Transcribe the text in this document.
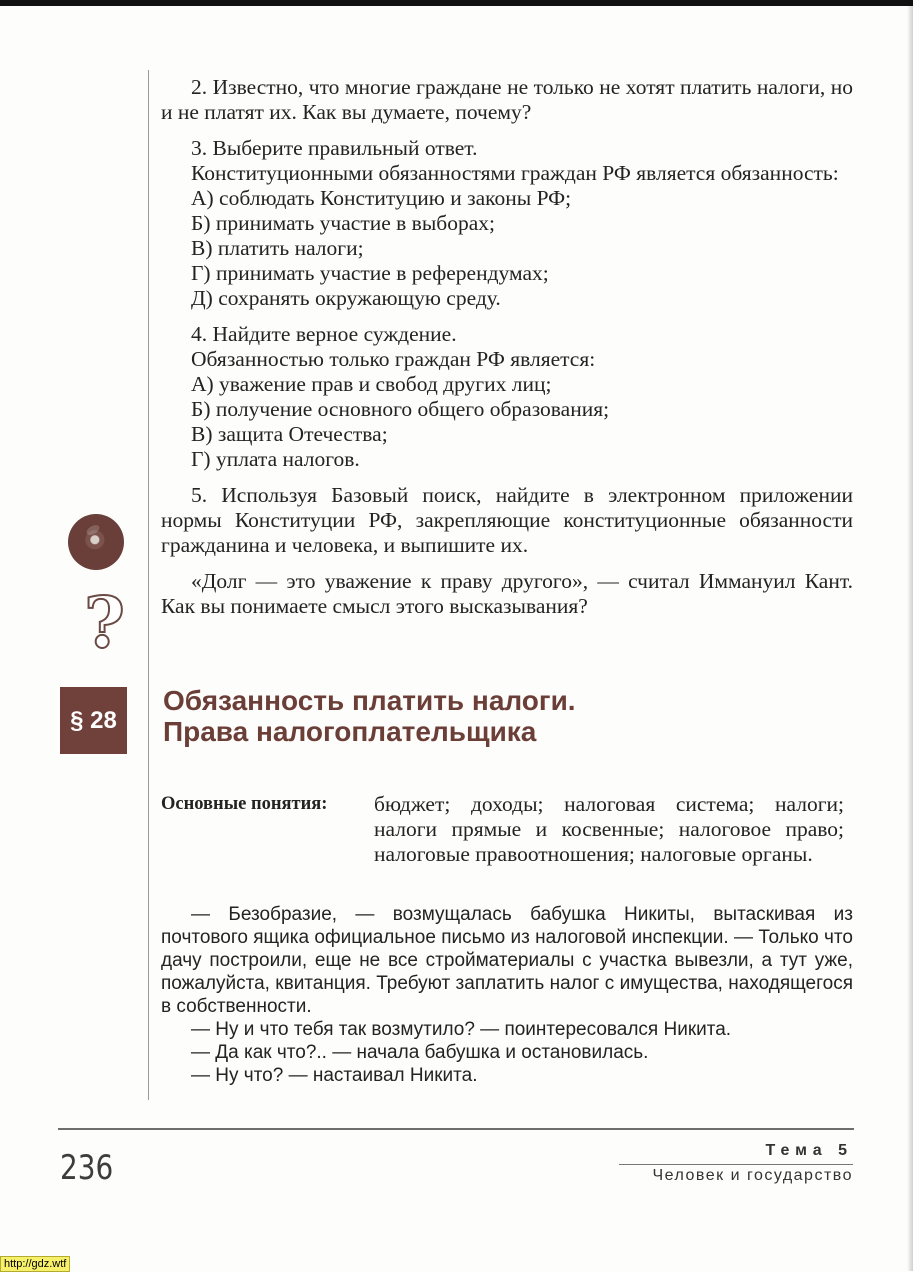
2. Известно, что многие граждане не только не хотят платить налоги, но и не платят их. Как вы думаете, почему?

3. Выберите правильный ответ.

Конституционными обязанностями граждан РФ является обязанность:

А) соблюдать Конституцию и законы РФ;

Б) принимать участие в выборах;

В) платить налоги;

Г) принимать участие в референдумах;

Д) сохранять окружающую среду.

4. Найдите верное суждение.

Обязанностью только граждан РФ является:

А) уважение прав и свобод других лиц;

Б) получение основного общего образования;

В) защита Отечества;

Г) уплата налогов.

5. Используя Базовый поиск, найдите в электронном приложении нормы Конституции РФ, закрепляющие конституционные обязанности гражданина и человека, и выпишите их.

«Долг — это уважение к праву другого», — считал Иммануил Кант. Как вы понимаете смысл этого высказывания?

?
§ 28
Обязанность платить налоги.
Права налогоплательщика
Основные понятия: бюджет; доходы; налоговая система; налоги; налоги прямые и косвенные; налоговое право; налоговые правоотношения; налоговые органы.

— Безобразие, — возмущалась бабушка Никиты, вытаскивая из почтового ящика официальное письмо из налоговой инспекции. — Только что дачу построили, еще не все стройматериалы с участка вывезли, а тут уже, пожалуйста, квитанция. Требуют заплатить налог с имущества, находящегося в собственности.

— Ну и что тебя так возмутило? — поинтересовался Никита.

— Да как что?.. — начала бабушка и остановилась.

— Ну что? — настаивал Никита.

236	Тема 5
Человек и государство
http://gdz.wtf
